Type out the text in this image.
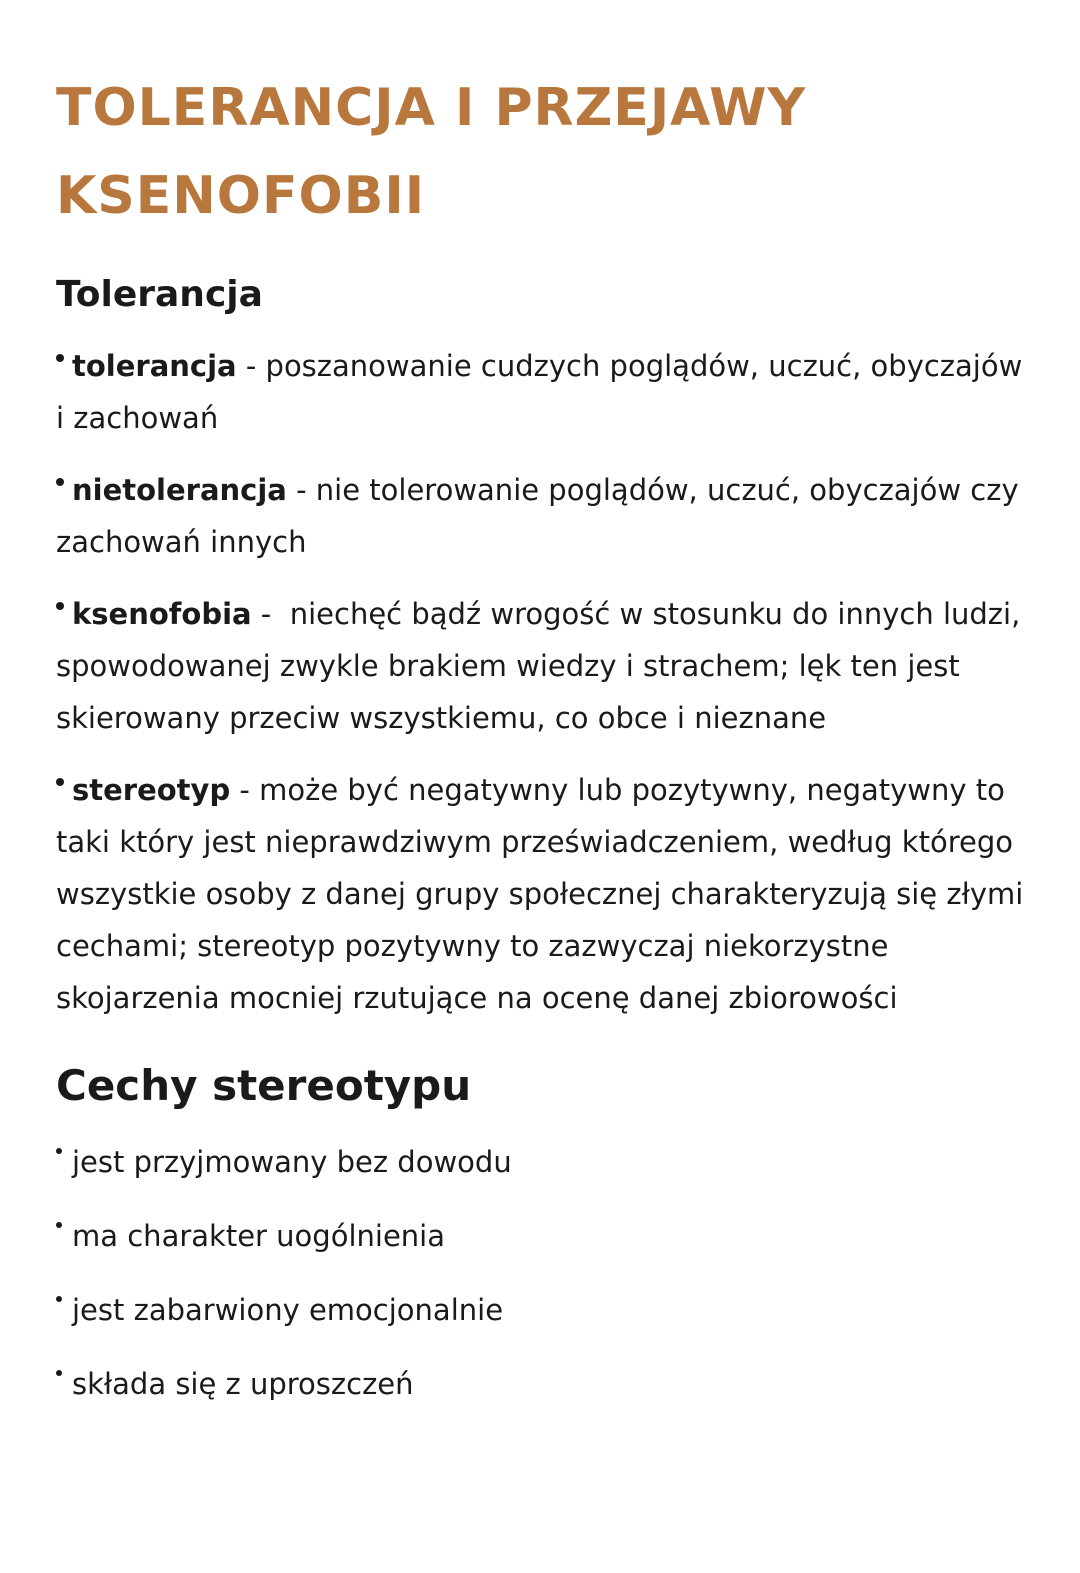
TOLERANCJA I PRZEJAWY
KSENOFOBII
Tolerancja

tolerancja - poszanowanie cudzych poglądów, uczuć, obyczajów i zachowań

nietolerancja - nie tolerowanie poglądów, uczuć, obyczajów czy zachowań innych

ksenofobia -  niechęć bądź wrogość w stosunku do innych ludzi, spowodowanej zwykle brakiem wiedzy i strachem; lęk ten jest skierowany przeciw wszystkiemu, co obce i nieznane

stereotyp - może być negatywny lub pozytywny, negatywny to taki który jest nieprawdziwym przeświadczeniem, według którego wszystkie osoby z danej grupy społecznej charakteryzują się złymi cechami; stereotyp pozytywny to zazwyczaj niekorzystne skojarzenia mocniej rzutujące na ocenę danej zbiorowości

Cechy stereotypu

jest przyjmowany bez dowodu

ma charakter uogólnienia

jest zabarwiony emocjonalnie

składa się z uproszczeń
